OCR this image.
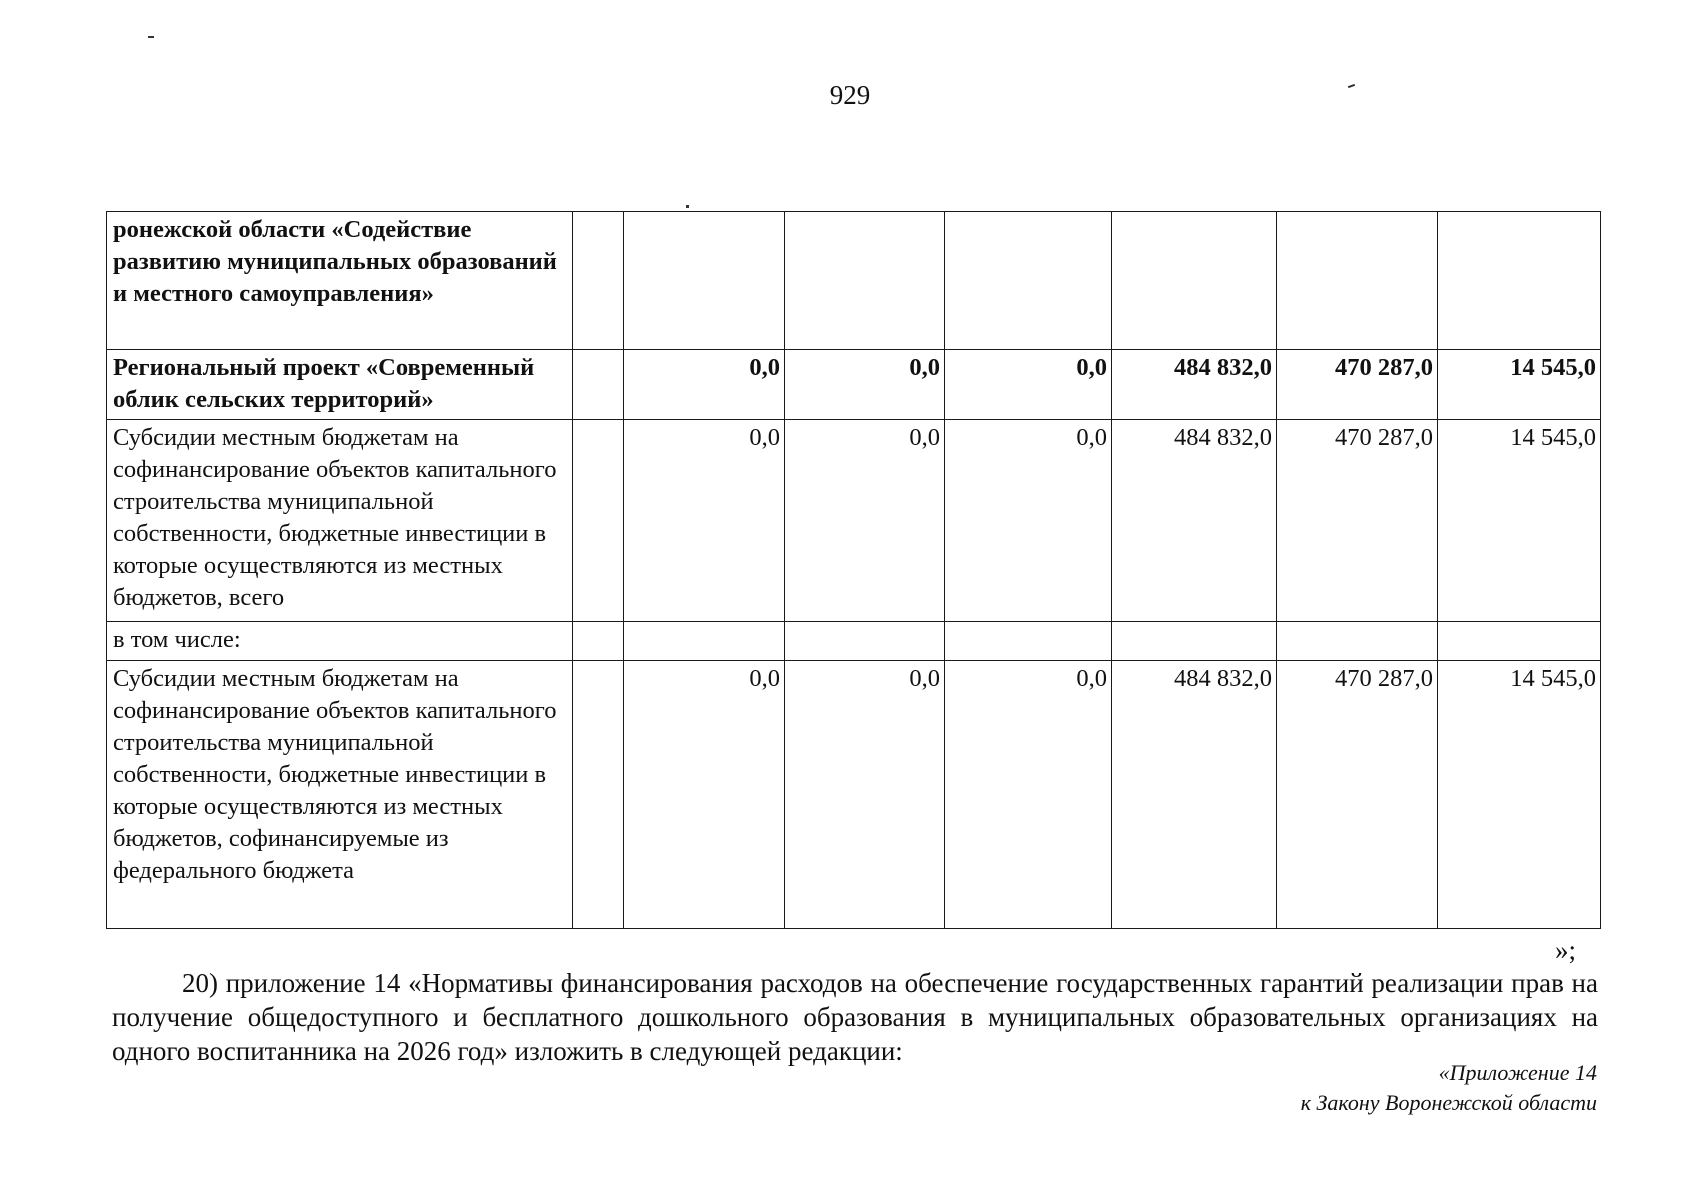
929
ронежской области «Содействие развитию муниципальных образований и местного самоуправления»							
Региональный проект «Современный облик сельских территорий»		0,0	0,0	0,0	484 832,0	470 287,0	14 545,0
Субсидии местным бюджетам на софинансирование объектов капитального строительства муниципальной собственности, бюджетные инвестиции в которые осуществляются из местных бюджетов, всего		0,0	0,0	0,0	484 832,0	470 287,0	14 545,0
в том числе:							
Субсидии местным бюджетам на софинансирование объектов капитального строительства муниципальной собственности, бюджетные инвестиции в которые осуществляются из местных бюджетов, софинансируемые из федерального бюджета		0,0	0,0	0,0	484 832,0	470 287,0	14 545,0
»;
20) приложение 14 «Нормативы финансирования расходов на обеспечение государственных гарантий реализации прав на получение общедоступного и бесплатного дошкольного образования в муниципальных образовательных организациях на одного воспитанника на 2026 год» изложить в следующей редакции:
«Приложение 14
к Закону Воронежской области
